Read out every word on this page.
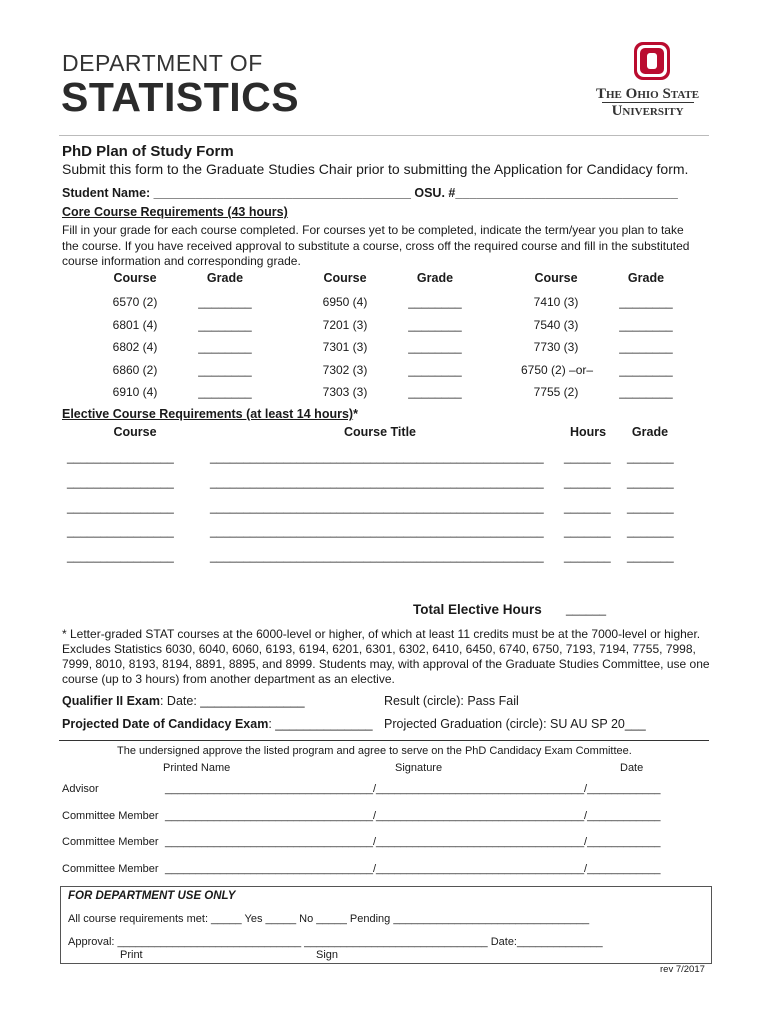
DEPARTMENT OF
STATISTICS	The Ohio State
University
PhD Plan of Study Form
Submit this form to the Graduate Studies Chair prior to submitting the Application for Candidacy form.
Student Name: _____________________________________ OSU. #________________________________
Core Course Requirements (43 hours)
Fill in your grade for each course completed. For courses yet to be completed, indicate the term/year you plan to take the course. If you have received approval to substitute a course, cross off the required course and fill in the substituted course information and corresponding grade.
Course	Grade	Course	Grade	Course	Grade
6570 (2)	________	6950 (4)	________	7410 (3)	________
6801 (4)	________	7201 (3)	________	7540 (3)	________
6802 (4)	________	7301 (3)	________	7730 (3)	________
6860 (2)	________	7302 (3)	________	6750 (2) –or–	________
6910 (4)	________	7303 (3)	________	7755 (2)	________
Elective Course Requirements (at least 14 hours)*
Course	Course Title	Hours	Grade
________________	__________________________________________________ _______ _______
________________	__________________________________________________ _______ _______
________________	__________________________________________________ _______ _______
________________	__________________________________________________ _______ _______
________________	__________________________________________________ _______ _______
Total Elective Hours ______
* Letter-graded STAT courses at the 6000-level or higher, of which at least 11 credits must be at the 7000-level or higher. Excludes Statistics 6030, 6040, 6060, 6193, 6194, 6201, 6301, 6302, 6410, 6450, 6740, 6750, 7193, 7194, 7755, 7998, 7999, 8010, 8193, 8194, 8891, 8895, and 8999. Students may, with approval of the Graduate Studies Committee, use one course (up to 3 hours) from another department as an elective.
Qualifier II Exam: Date: _______________	Result (circle): Pass Fail
Projected Date of Candidacy Exam: ______________ Projected Graduation (circle): SU AU SP 20___
The undersigned approve the listed program and agree to serve on the PhD Candidacy Exam Committee.
Printed Name	Signature	Date
Advisor	__________________________________/__________________________________/____________
Committee Member __________________________________/__________________________________/____________
Committee Member __________________________________/__________________________________/____________
Committee Member __________________________________/__________________________________/____________
FOR DEPARTMENT USE ONLY
All course requirements met: _____ Yes _____ No _____ Pending ________________________________
Approval: ______________________________ ______________________________ Date:______________
Print	Sign
rev 7/2017
